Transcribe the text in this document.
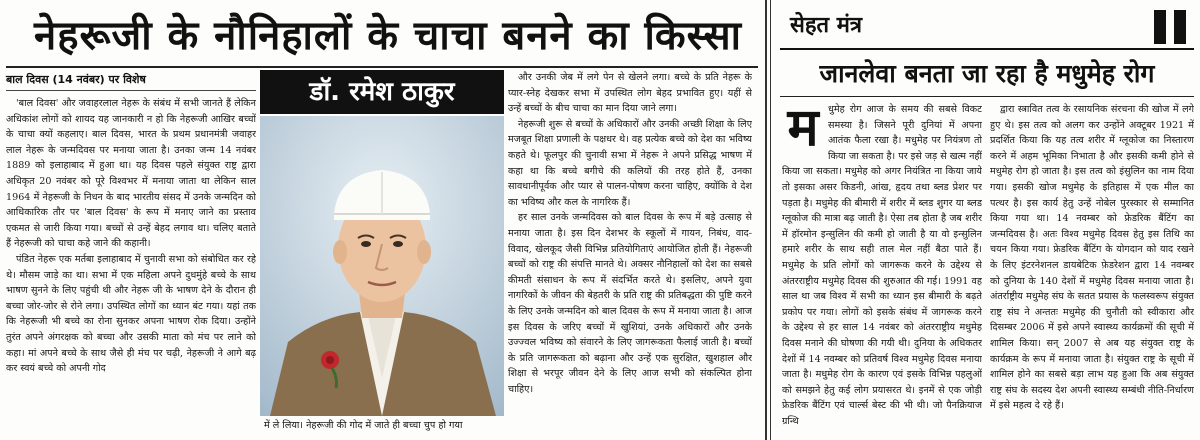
नेहरूजी के नौनिहालों के चाचा बनने का किस्सा
बाल दिवस (14 नवंबर) पर विशेष

'बाल दिवस' और जवाहरलाल नेहरू के संबंध में सभी जानते हैं लेकिन अधिकांश लोगों को शायद यह जानकारी न हो कि नेहरूजी आखिर बच्चों के चाचा क्यों कहलाए। बाल दिवस, भारत के प्रथम प्रधानमंत्री जवाहर लाल नेहरू के जन्मदिवस पर मनाया जाता है। उनका जन्म 14 नवंबर 1889 को इलाहाबाद में हुआ था। यह दिवस पहले संयुक्त राष्ट्र द्वारा अधिकृत 20 नवंबर को पूरे विश्वभर में मनाया जाता था लेकिन साल 1964 में नेहरूजी के निधन के बाद भारतीय संसद में उनके जन्मदिन को आधिकारिक तौर पर 'बाल दिवस' के रूप में मनाए जाने का प्रस्ताव एकमत से जारी किया गया। बच्चों से उन्हें बेहद लगाव था। चलिए बताते हैं नेहरूजी को चाचा कहे जाने की कहानी।

पंडित नेहरू एक मर्तबा इलाहाबाद में चुनावी सभा को संबोधित कर रहे थे। मौसम जाड़े का था। सभा में एक महिला अपने दुधमुंहे बच्चे के साथ भाषण सुनने के लिए पहुंची थी और नेहरू जी के भाषण देने के दौरान ही बच्चा जोर-जोर से रोने लगा। उपस्थित लोगों का ध्यान बंट गया। यहां तक कि नेहरूजी भी बच्चे का रोना सुनकर अपना भाषण रोक दिया। उन्होंने तुरंत अपने अंगरक्षक को बच्चा और उसकी माता को मंच पर लाने को कहा। मां अपने बच्चे के साथ जैसे ही मंच पर चढ़ी, नेहरूजी ने आगे बढ़ कर स्वयं बच्चे को अपनी गोद

डॉ. रमेश ठाकुर
में ले लिया। नेहरूजी की गोद में जाते ही बच्चा चुप हो गया

और उनकी जेब में लगे पेन से खेलने लगा। बच्चे के प्रति नेहरू के प्यार-स्नेह देखकर सभा में उपस्थित लोग बेहद प्रभावित हुए। यहीं से उन्हें बच्चों के बीच चाचा का मान दिया जाने लगा।

नेहरूजी शुरू से बच्चों के अधिकारों और उनकी अच्छी शिक्षा के लिए मजबूत शिक्षा प्रणाली के पक्षधर थे। वह प्रत्येक बच्चे को देश का भविष्य कहते थे। फूलपुर की चुनावी सभा में नेहरू ने अपने प्रसिद्ध भाषण में कहा था कि बच्चे बगीचे की कलियों की तरह होते हैं, उनका सावधानीपूर्वक और प्यार से पालन-पोषण करना चाहिए, क्योंकि वे देश का भविष्य और कल के नागरिक हैं।

हर साल उनके जन्मदिवस को बाल दिवस के रूप में बड़े उत्साह से मनाया जाता है। इस दिन देशभर के स्कूलों में गायन, निबंध, वाद-विवाद, खेलकूद जैसी विभिन्न प्रतियोगिताएं आयोजित होती हैं। नेहरूजी बच्चों को राष्ट्र की संपत्ति मानते थे। अक्सर नौनिहालों को देश का सबसे कीमती संसाधन के रूप में संदर्भित करते थे। इसलिए, अपने युवा नागरिकों के जीवन की बेहतरी के प्रति राष्ट्र की प्रतिबद्धता की पुष्टि करने के लिए उनके जन्मदिन को बाल दिवस के रूप में मनाया जाता है। आज इस दिवस के जरिए बच्चों में खुशियां, उनके अधिकारों और उनके उज्ज्वल भविष्य को संवारने के लिए जागरूकता फैलाई जाती है। बच्चों के प्रति जागरूकता को बढ़ाना और उन्हें एक सुरक्षित, खुशहाल और शिक्षा से भरपूर जीवन देने के लिए आज सभी को संकल्पित होना चाहिए।

सेहत मंत्र
जानलेवा बनता जा रहा है मधुमेह रोग
म धुमेह रोग आज के समय की सबसे विकट समस्या है। जिसने पूरी दुनियां में अपना आतंक फैला रखा है। मधुमेह पर नियंत्रण तो किया जा सकता है। पर इसे जड़ से खत्म नहीं किया जा सकता। मधुमेह को अगर नियंत्रित ना किया जाये तो इसका असर किडनी, आंख, हृदय तथा ब्लड प्रेशर पर पड़ता है। मधुमेह की बीमारी में शरीर में ब्लड शुगर या ब्लड ग्लूकोज की मात्रा बढ़ जाती है। ऐसा तब होता है जब शरीर में हॉरमोन इन्सुलिन की कमी हो जाती है या वो इन्सुलिन हमारे शरीर के साथ सही ताल मेल नहीं बैठा पाते हैं। मधुमेह के प्रति लोगों को जागरूक करने के उद्देश्य से अंतरराष्ट्रीय मधुमेह दिवस की शुरुआत की गई। 1991 वह साल था जब विश्व में सभी का ध्यान इस बीमारी के बढ़ते प्रकोप पर गया। लोगों को इसके संबंध में जागरूक करने के उद्देश्य से हर साल 14 नवंबर को अंतरराष्ट्रीय मधुमेह दिवस मनाने की घोषणा की गयी थी। दुनिया के अधिकतर देशों में 14 नवम्बर को प्रतिवर्ष विश्व मधुमेह दिवस मनाया जाता है। मधुमेह रोग के कारण एवं इसके विभिन्न पहलुओं को समझने हेतु कई लोग प्रयासरत थे। इनमें से एक जोड़ी फ्रेडरिक बैंटिंग एवं चार्ल्स बेस्ट की भी थी। जो पैनक्रियाज ग्रन्थि

द्वारा स्त्रावित तत्व के रसायनिक संरचना की खोज में लगे हुए थे। इस तत्व को अलग कर उन्होंने अक्टूबर 1921 में प्रदर्शित किया कि यह तत्व शरीर में ग्लूकोज का निस्तारण करने में अहम भूमिका निभाता है और इसकी कमी होने से मधुमेह रोग हो जाता है। इस तत्व को इंसुलिन का नाम दिया गया। इसकी खोज मधुमेह के इतिहास में एक मील का पत्थर है। इस कार्य हेतु उन्हें नोबेल पुरस्कार से सम्मानित किया गया था। 14 नवम्बर को फ्रेडरिक बैंटिंग का जन्मदिवस है। अतः विश्व मधुमेह दिवस हेतु इस तिथि का चयन किया गया। फ्रेडरिक बैंटिंग के योगदान को याद रखने के लिए इंटरनेशनल डायबेटिक फ़ेडरेशन द्वारा 14 नवम्बर को दुनिया के 140 देशों में मधुमेह दिवस मनाया जाता है। अंतर्राष्ट्रीय मधुमेह संघ के सतत प्रयास के फलस्वरूप संयुक्त राष्ट्र संघ ने अन्ततः मधुमेह की चुनौती को स्वीकारा और दिसम्बर 2006 में इसे अपने स्वास्थ्य कार्यक्रमों की सूची में शामिल किया। सन् 2007 से अब यह संयुक्त राष्ट्र के कार्यक्रम के रूप में मनाया जाता है। संयुक्त राष्ट्र के सूची में शामिल होने का सबसे बड़ा लाभ यह हुआ कि अब संयुक्त राष्ट्र संघ के सदस्य देश अपनी स्वास्थ्य सम्बंधी नीति-निर्धारण में इसे महत्व दे रहे हैं।
